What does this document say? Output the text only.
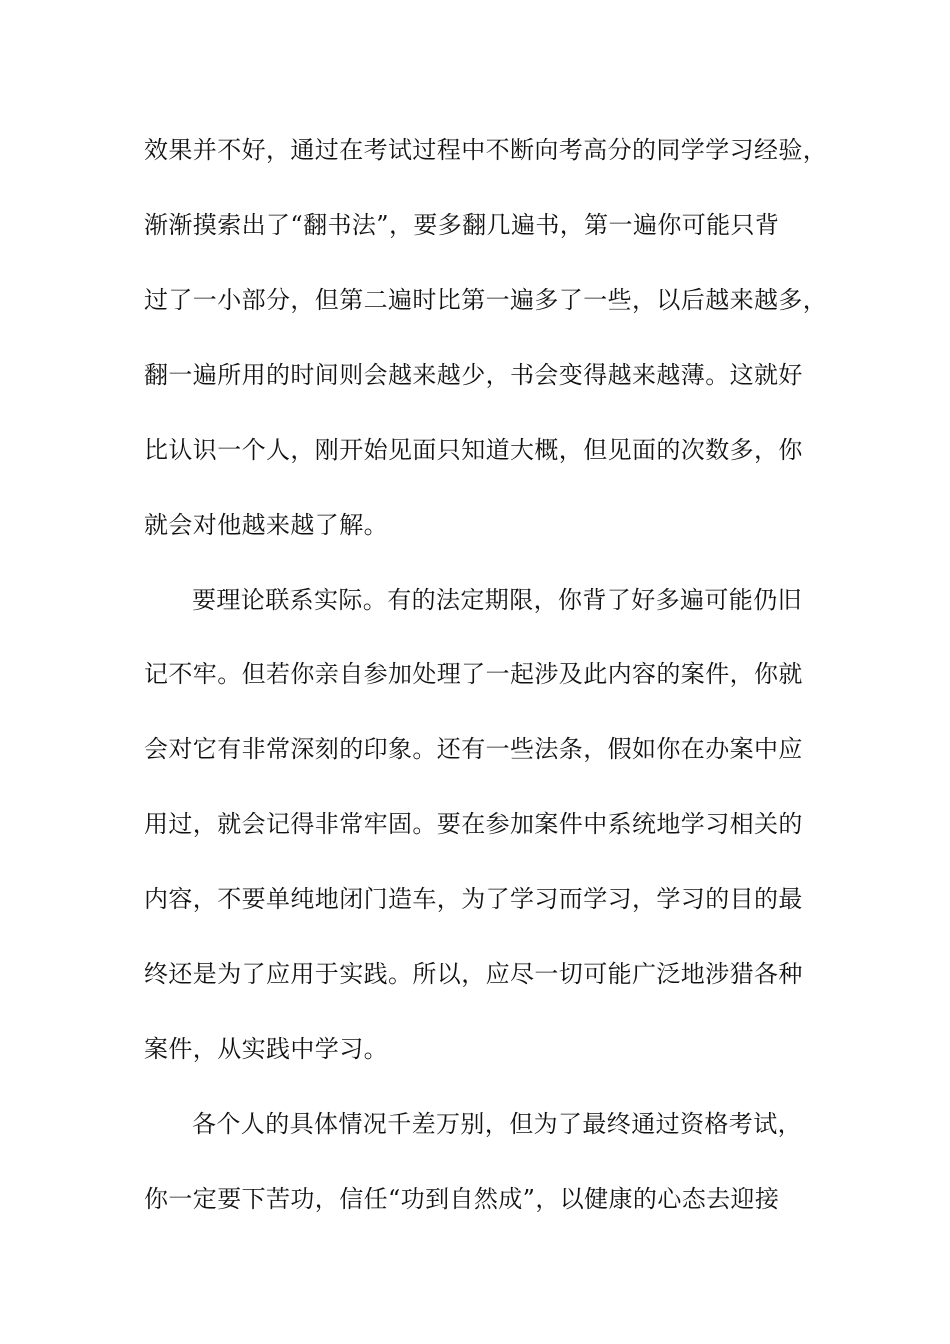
效果并不好，通过在考试过程中不断向考高分的同学学习经验，
渐渐摸索出了“翻书法”，要多翻几遍书，第一遍你可能只背
过了一小部分，但第二遍时比第一遍多了一些，以后越来越多，
翻一遍所用的时间则会越来越少，书会变得越来越薄。这就好
比认识一个人，刚开始见面只知道大概，但见面的次数多，你
就会对他越来越了解。
要理论联系实际。有的法定期限，你背了好多遍可能仍旧
记不牢。但若你亲自参加处理了一起涉及此内容的案件，你就
会对它有非常深刻的印象。还有一些法条，假如你在办案中应
用过，就会记得非常牢固。要在参加案件中系统地学习相关的
内容，不要单纯地闭门造车，为了学习而学习，学习的目的最
终还是为了应用于实践。所以，应尽一切可能广泛地涉猎各种
案件，从实践中学习。
各个人的具体情况千差万别，但为了最终通过资格考试，
你一定要下苦功，信任“功到自然成”，以健康的心态去迎接
